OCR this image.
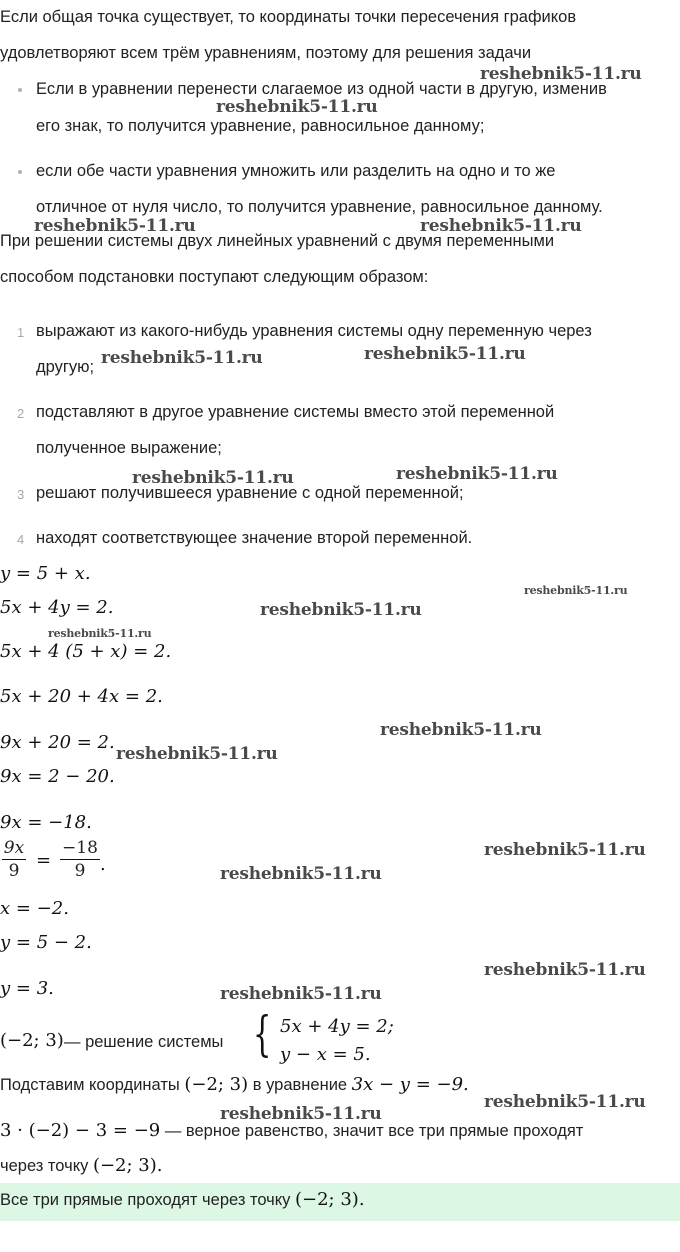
Если общая точка существует, то координаты точки пересечения графиков
удовлетворяют всем трём уравнениям, поэтому для решения задачи
Если в уравнении перенести слагаемое из одной части в другую, изменив
его знак, то получится уравнение, равносильное данному;
если обе части уравнения умножить или разделить на одно и то же
отличное от нуля число, то получится уравнение, равносильное данному.
При решении системы двух линейных уравнений с двумя переменными
способом подстановки поступают следующим образом:
1 выражают из какого-нибудь уравнения системы одну переменную через
другую;
2 подставляют в другое уравнение системы вместо этой переменной
полученное выражение;
3 решают получившееся уравнение с одной переменной;
4 находят соответствующее значение второй переменной.
y = 5 + x.
5x + 4y = 2.
5x + 4 (5 + x) = 2.
5x + 20 + 4x = 2.
9x + 20 = 2.
9x = 2 − 20.
9x = −18.
9x
9 =
−18
9 .
x = −2.
y = 5 − 2.
y = 3.
(−2; 3) — решение системы { 5x + 4y = 2;
y − x = 5.
Подставим координаты (−2; 3) в уравнение 3x − y = −9.
3 · (−2) − 3 = −9 — верное равенство, значит все три прямые проходят
через точку (−2; 3).
Все три прямые проходят через точку (−2; 3).
reshebnik5-11.ru
reshebnik5-11.ru
reshebnik5-11.ru	reshebnik5-11.ru
reshebnik5-11.ru	reshebnik5-11.ru
reshebnik5-11.ru	reshebnik5-11.ru
reshebnik5-11.ru
reshebnik5-11.ru
reshebnik5-11.ru
reshebnik5-11.ru
reshebnik5-11.ru
reshebnik5-11.ru
reshebnik5-11.ru
reshebnik5-11.ru
reshebnik5-11.ru
reshebnik5-11.ru
reshebnik5-11.ru
